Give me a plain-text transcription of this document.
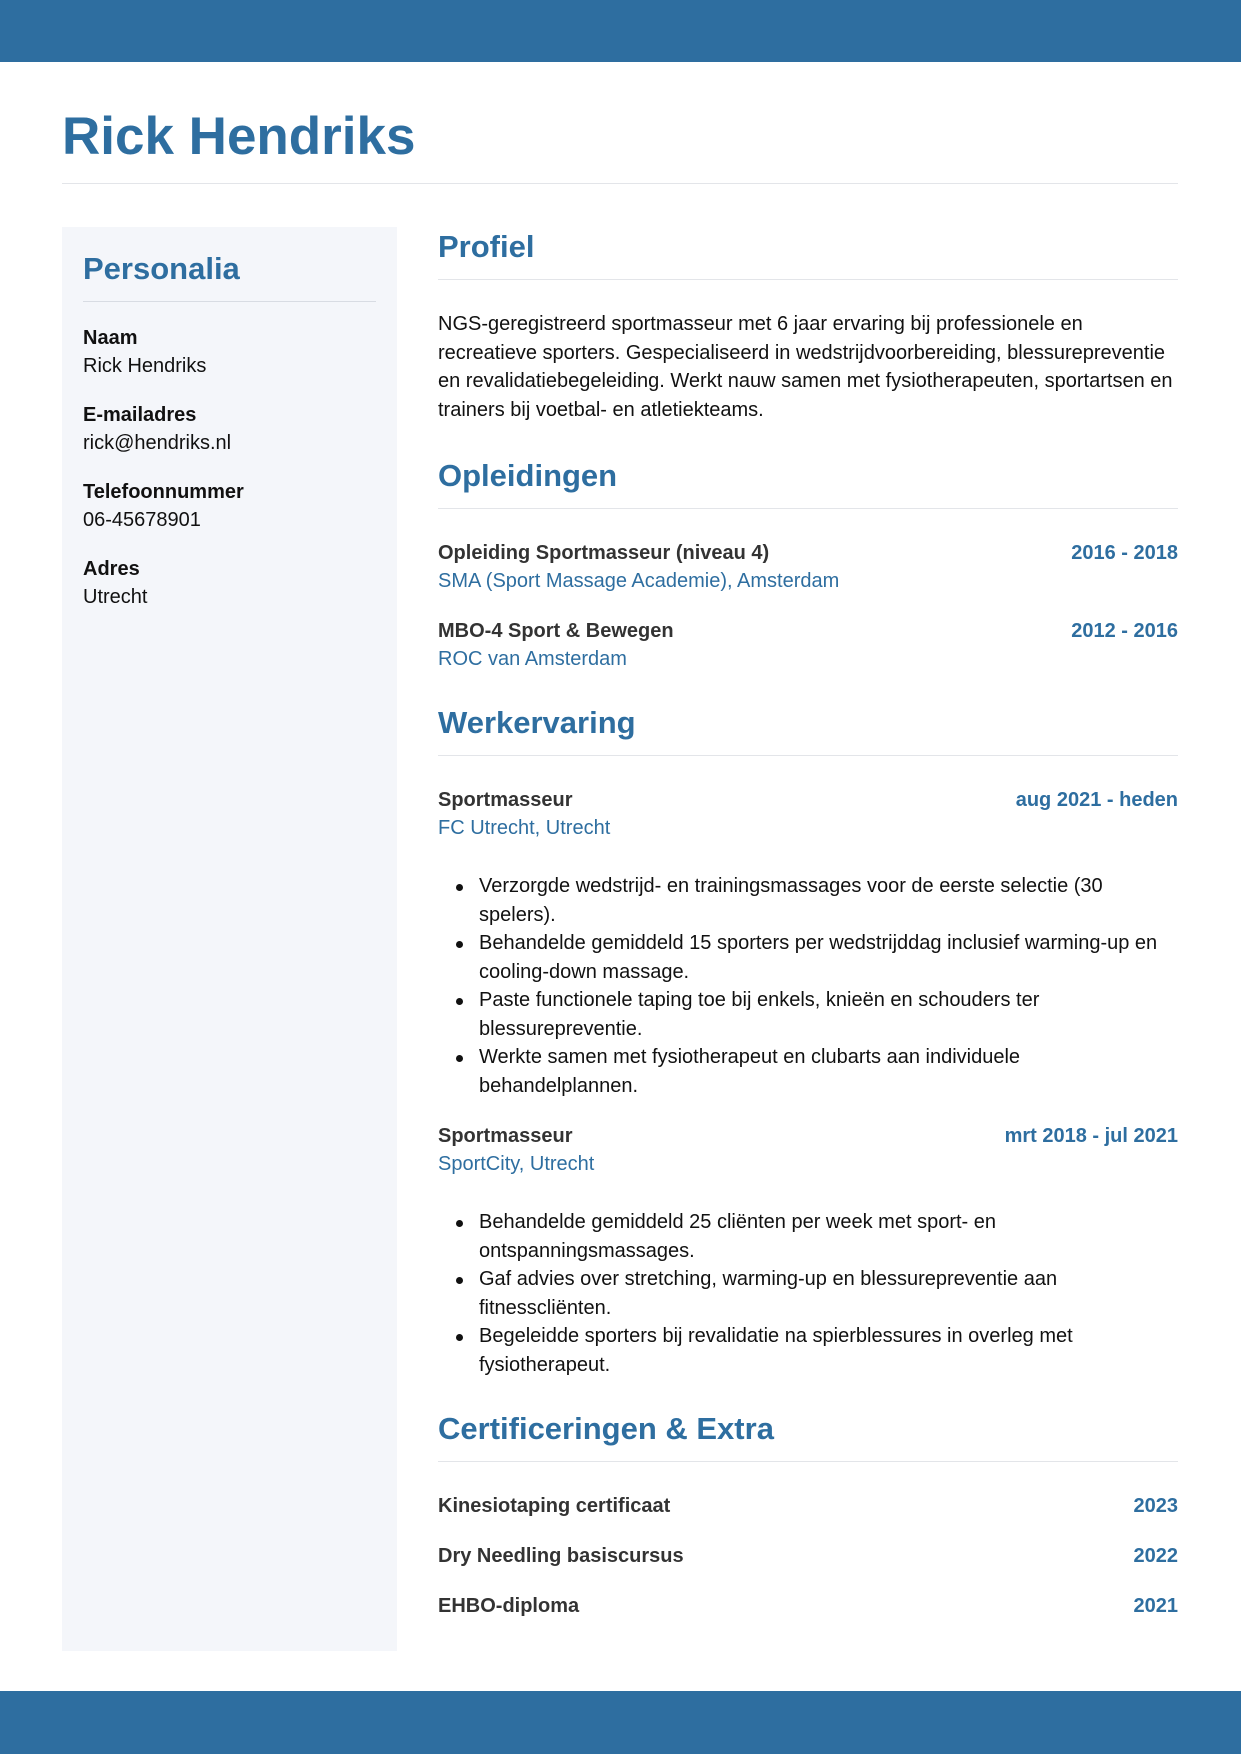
Rick Hendriks
Personalia
Naam
Rick Hendriks
E-mailadres
rick@hendriks.nl
Telefoonnummer
06-45678901
Adres
Utrecht
Profiel

NGS-geregistreerd sportmasseur met 6 jaar ervaring bij professionele en recreatieve sporters. Gespecialiseerd in wedstrijdvoorbereiding, blessurepreventie en revalidatiebegeleiding. Werkt nauw samen met fysiotherapeuten, sportartsen en trainers bij voetbal- en atletiekteams.

Opleidingen
Opleiding Sportmasseur (niveau 4)	2016 - 2018
SMA (Sport Massage Academie), Amsterdam
MBO-4 Sport & Bewegen	2012 - 2016
ROC van Amsterdam
Werkervaring
Sportmasseur	aug 2021 - heden
FC Utrecht, Utrecht
Verzorgde wedstrijd- en trainingsmassages voor de eerste selectie (30 spelers).
Behandelde gemiddeld 15 sporters per wedstrijddag inclusief warming-up en cooling-down massage.
Paste functionele taping toe bij enkels, knieën en schouders ter blessurepreventie.
Werkte samen met fysiotherapeut en clubarts aan individuele behandelplannen.
Sportmasseur	mrt 2018 - jul 2021
SportCity, Utrecht
Behandelde gemiddeld 25 cliënten per week met sport- en ontspanningsmassages.
Gaf advies over stretching, warming-up en blessurepreventie aan fitnesscliënten.
Begeleidde sporters bij revalidatie na spierblessures in overleg met fysiotherapeut.
Certificeringen & Extra
Kinesiotaping certificaat	2023
Dry Needling basiscursus	2022
EHBO-diploma	2021
